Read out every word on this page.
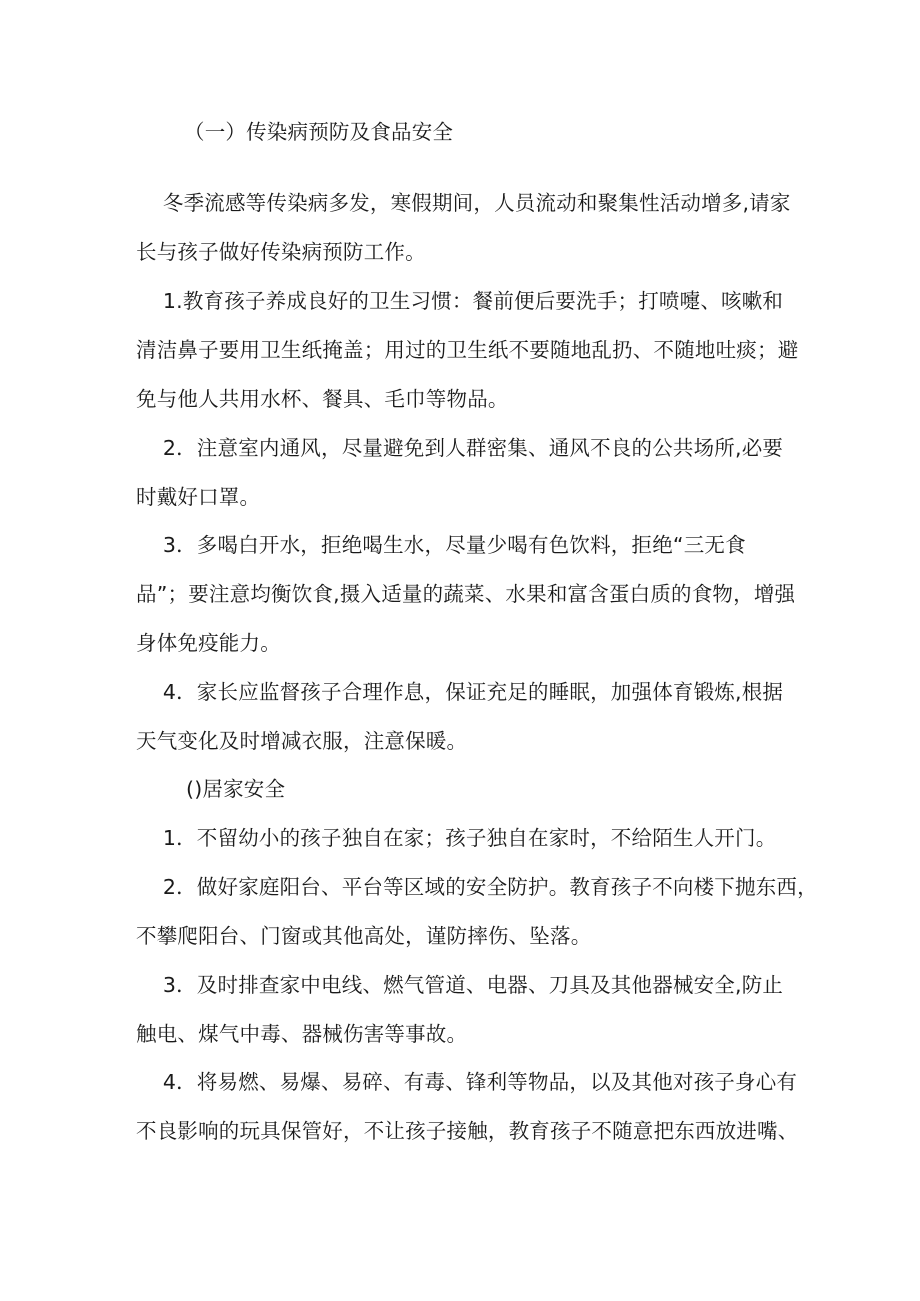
（一）传染病预防及食品安全

冬季流感等传染病多发，寒假期间，人员流动和聚集性活动增多,请家
长与孩子做好传染病预防工作。

1.教育孩子养成良好的卫生习惯：餐前便后要洗手；打喷嚏、咳嗽和
清洁鼻子要用卫生纸掩盖；用过的卫生纸不要随地乱扔、不随地吐痰；避
免与他人共用水杯、餐具、毛巾等物品。

2．注意室内通风，尽量避免到人群密集、通风不良的公共场所,必要
时戴好口罩。

3．多喝白开水，拒绝喝生水，尽量少喝有色饮料，拒绝“三无食
品”；要注意均衡饮食,摄入适量的蔬菜、水果和富含蛋白质的食物，增强
身体免疫能力。

4．家长应监督孩子合理作息，保证充足的睡眠，加强体育锻炼,根据
天气变化及时增减衣服，注意保暖。

()居家安全

1．不留幼小的孩子独自在家；孩子独自在家时，不给陌生人开门。

2．做好家庭阳台、平台等区域的安全防护。教育孩子不向楼下抛东西，
不攀爬阳台、门窗或其他高处，谨防摔伤、坠落。

3．及时排查家中电线、燃气管道、电器、刀具及其他器械安全,防止
触电、煤气中毒、器械伤害等事故。

4．将易燃、易爆、易碎、有毒、锋利等物品，以及其他对孩子身心有
不良影响的玩具保管好，不让孩子接触，教育孩子不随意把东西放进嘴、
